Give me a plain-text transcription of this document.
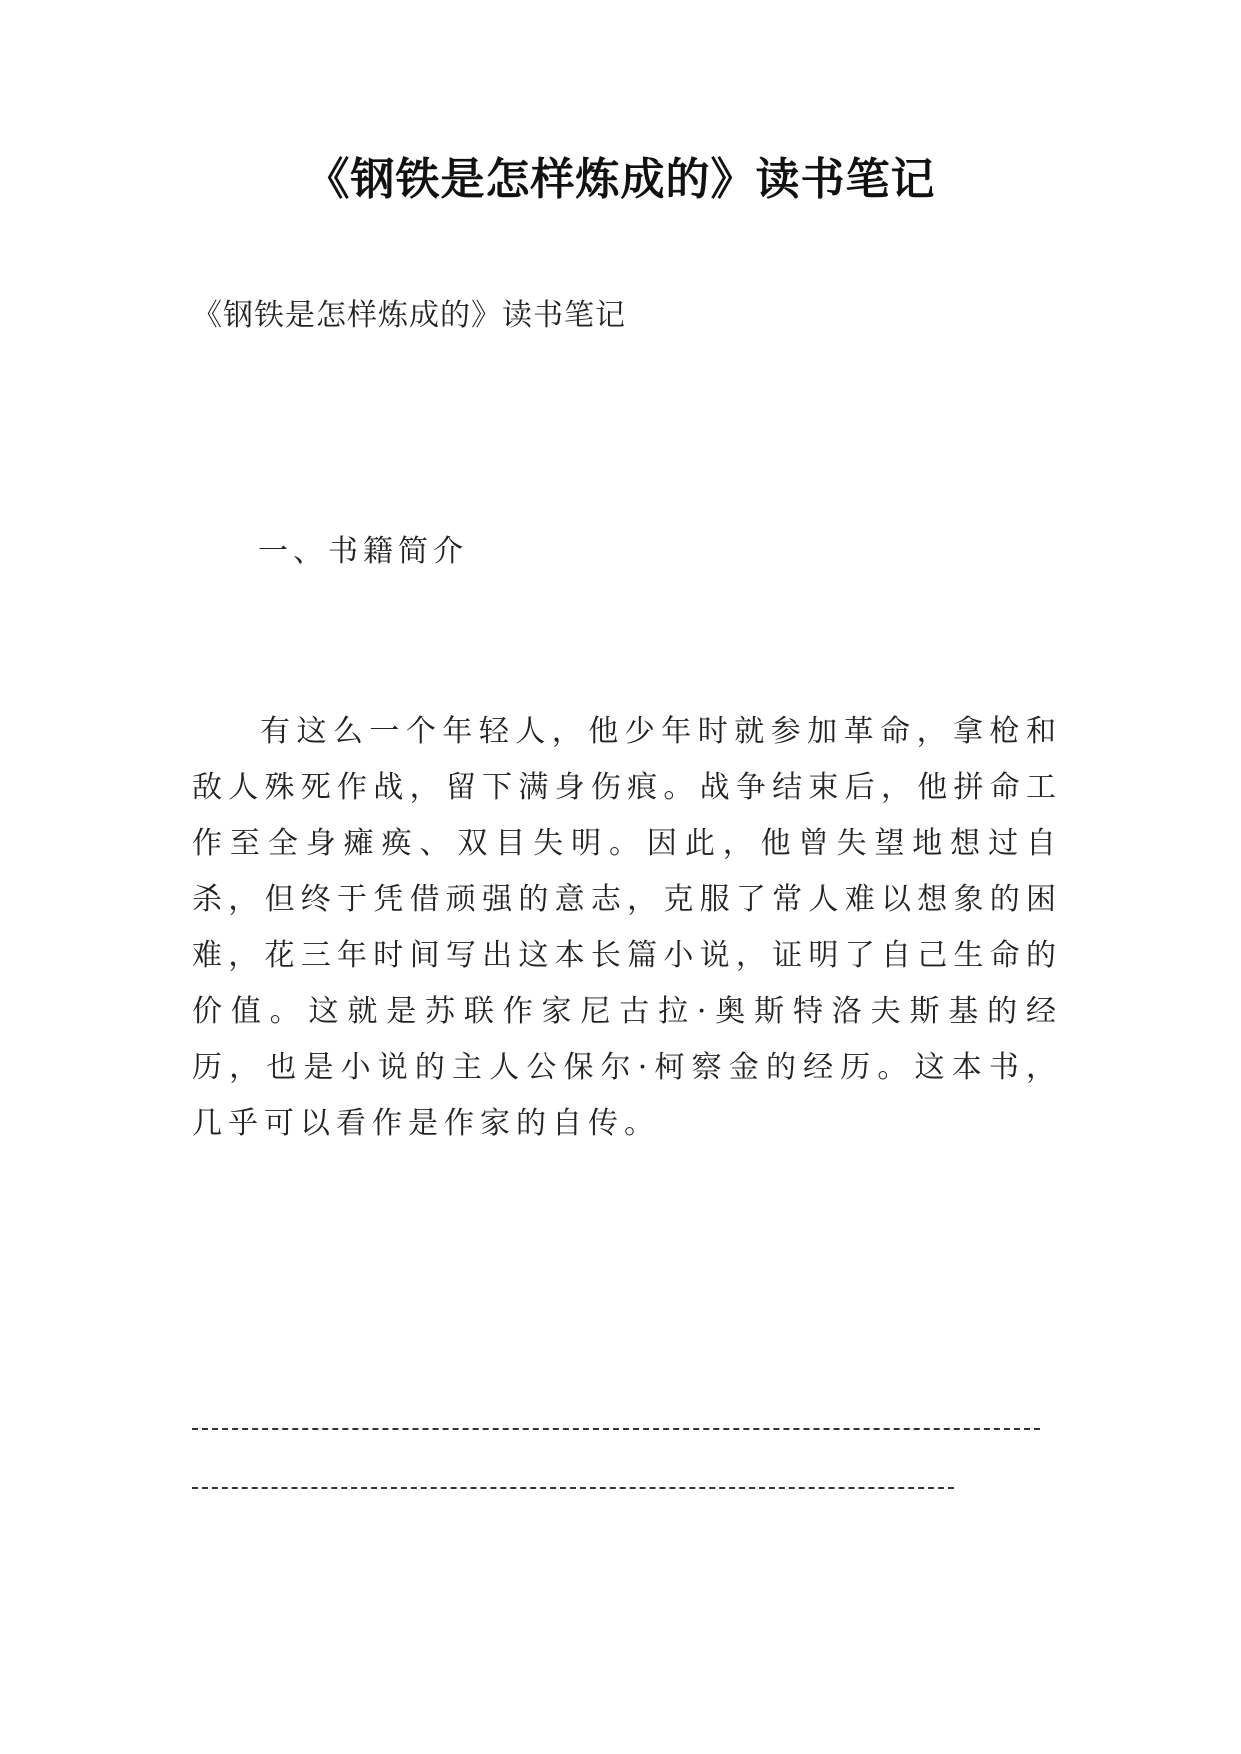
《钢铁是怎样炼成的》读书笔记
《钢铁是怎样炼成的》读书笔记
一、书籍简介

有这么一个年轻人，他少年时就参加革命，拿枪和敌人殊死作战，留下满身伤痕。战争结束后，他拼命工作至全身瘫痪、双目失明。因此，他曾失望地想过自杀，但终于凭借顽强的意志，克服了常人难以想象的困难，花三年时间写出这本长篇小说，证明了自己生命的价值。这就是苏联作家尼古拉·奥斯特洛夫斯基的经历，也是小说的主人公保尔·柯察金的经历。这本书，几乎可以看作是作家的自传。
